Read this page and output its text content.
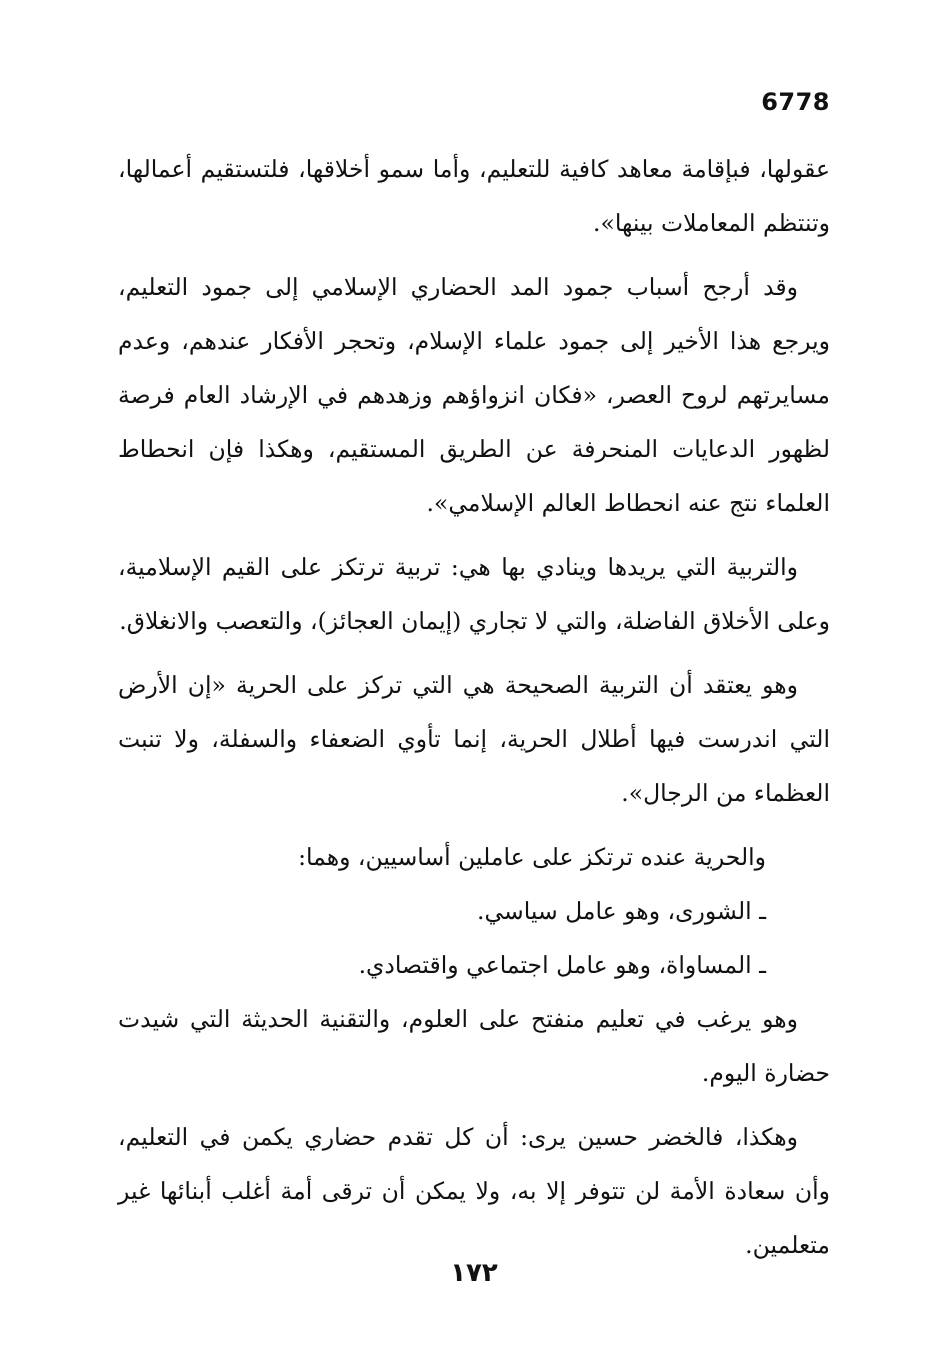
6778

عقولها، فبإقامة معاهد كافية للتعليم، وأما سمو أخلاقها، فلتستقيم أعمالها، وتنتظم المعاملات بينها».

وقد أرجح أسباب جمود المد الحضاري الإسلامي إلى جمود التعليم، ويرجع هذا الأخير إلى جمود علماء الإسلام، وتحجر الأفكار عندهم، وعدم مسايرتهم لروح العصر، «فكان انزواؤهم وزهدهم في الإرشاد العام فرصة لظهور الدعايات المنحرفة عن الطريق المستقيم، وهكذا فإن انحطاط العلماء نتج عنه انحطاط العالم الإسلامي».

والتربية التي يريدها وينادي بها هي: تربية ترتكز على القيم الإسلامية، وعلى الأخلاق الفاضلة، والتي لا تجاري (إيمان العجائز)، والتعصب والانغلاق.

وهو يعتقد أن التربية الصحيحة هي التي تركز على الحرية «إن الأرض التي اندرست فيها أطلال الحرية، إنما تأوي الضعفاء والسفلة، ولا تنبت العظماء من الرجال».

والحرية عنده ترتكز على عاملين أساسيين، وهما:

ـ الشورى، وهو عامل سياسي.

ـ المساواة، وهو عامل اجتماعي واقتصادي.

وهو يرغب في تعليم منفتح على العلوم، والتقنية الحديثة التي شيدت حضارة اليوم.

وهكذا، فالخضر حسين يرى: أن كل تقدم حضاري يكمن في التعليم، وأن سعادة الأمة لن تتوفر إلا به، ولا يمكن أن ترقى أمة أغلب أبنائها غير متعلمين.

١٧٢
